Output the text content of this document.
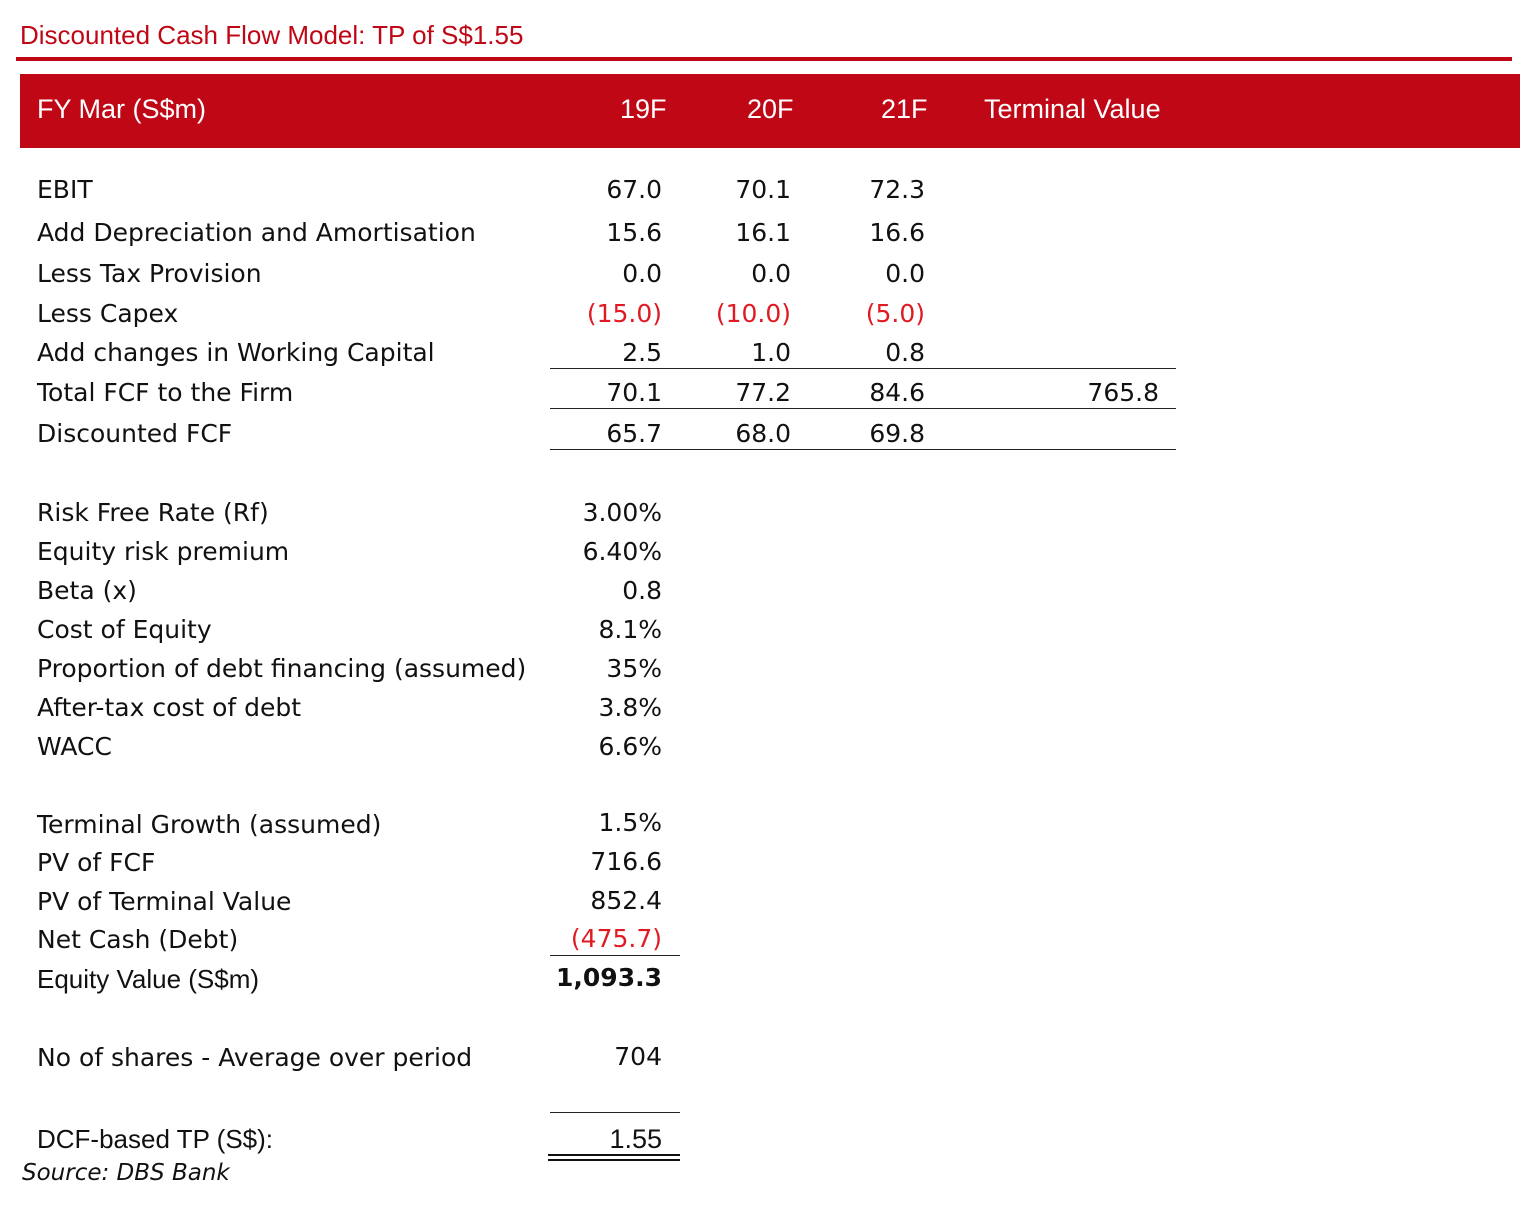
Discounted Cash Flow Model: TP of S$1.55
FY Mar (S$m)	19F	20F	21F Terminal Value
EBIT	67.0	70.1	72.3
Add Depreciation and Amortisation	15.6	16.1	16.6
Less Tax Provision	0.0	0.0	0.0
Less Capex	(15.0)	(10.0)	(5.0)
Add changes in Working Capital	2.5	1.0	0.8
Total FCF to the Firm	70.1	77.2	84.6	765.8
Discounted FCF	65.7	68.0	69.8
Risk Free Rate (Rf)	3.00%
Equity risk premium	6.40%
Beta (x)	0.8
Cost of Equity	8.1%
Proportion of debt financing (assumed)	35%
After-tax cost of debt	3.8%
WACC	6.6%
Terminal Growth (assumed)	1.5%
PV of FCF	716.6
PV of Terminal Value	852.4
Net Cash (Debt)	(475.7)
Equity Value (S$m)	1,093.3
No of shares - Average over period	704
DCF-based TP (S$):	1.55
Source: DBS Bank
